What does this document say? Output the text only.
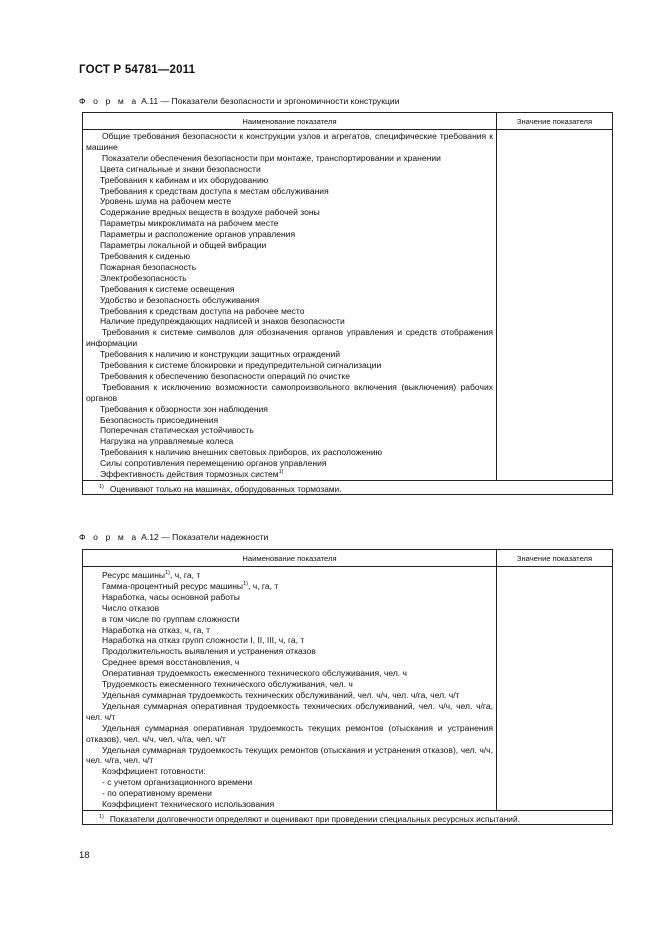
ГОСТ Р 54781—2011
Ф о р м а А.11 — Показатели безопасности и эргономичности конструкции
Наименование показателя	Значение показателя
Общие требования безопасности к конструкции узлов и агрегатов, специфические требования к машине
Показатели обеспечения безопасности при монтаже, транспортировании и хранении
Цвета сигнальные и знаки безопасности
Требования к кабинам и их оборудованию
Требования к средствам доступа к местам обслуживания
Уровень шума на рабочем месте
Содержание вредных веществ в воздухе рабочей зоны
Параметры микроклимата на рабочем месте
Параметры и расположение органов управления
Параметры локальной и общей вибрации
Требования к сиденью
Пожарная безопасность
Электробезопасность
Требования к системе освещения
Удобство и безопасность обслуживания
Требования к средствам доступа на рабочее место
Наличие предупреждающих надписей и знаков безопасности
Требования к системе символов для обозначения органов управления и средств отображения информации
Требования к наличию и конструкции защитных ограждений
Требования к системе блокировки и предупредительной сигнализации
Требования к обеспечению безопасности операций по очистке
Требования к исключению возможности самопроизвольного включения (выключения) рабочих органов
Требования к обзорности зон наблюдения
Безопасность присоединения
Поперечная статическая устойчивость
Нагрузка на управляемые колеса
Требования к наличию внешних световых приборов, их расположению
Силы сопротивления перемещению органов управления
Эффективность действия тормозных систем$^{1)}$
$^{1)}$ Оценивают только на машинах, оборудованных тормозами.
Ф о р м а А.12 — Показатели надежности
Наименование показателя	Значение показателя
Ресурс машины$^{1)}$, ч, га, т
Гамма-процентный ресурс машины$^{1)}$, ч, га, т
Наработка, часы основной работы
Число отказов
в том числе по группам сложности
Наработка на отказ, ч, га, т
Наработка на отказ групп сложности I, II, III, ч, га, т
Продолжительность выявления и устранения отказов
Среднее время восстановления, ч
Оперативная трудоемкость ежесменного технического обслуживания, чел. ч
Трудоемкость ежесменного технического обслуживания, чел. ч
Удельная суммарная трудоемкость технических обслуживаний, чел. ч/ч, чел. ч/га, чел. ч/т
Удельная суммарная оперативная трудоемкость технических обслуживаний, чел. ч/ч, чел. ч/га, чел. ч/т
Удельная суммарная оперативная трудоемкость текущих ремонтов (отыскания и устранения отказов), чел. ч/ч, чел. ч/га, чел. ч/т
Удельная суммарная трудоемкость текущих ремонтов (отыскания и устранения отказов), чел. ч/ч, чел. ч/га, чел. ч/т
Коэффициент готовности:
- с учетом организационного времени
- по оперативному времени
Коэффициент технического использования
$^{1)}$ Показатели долговечности определяют и оценивают при проведении специальных ресурсных испытаний.
18
